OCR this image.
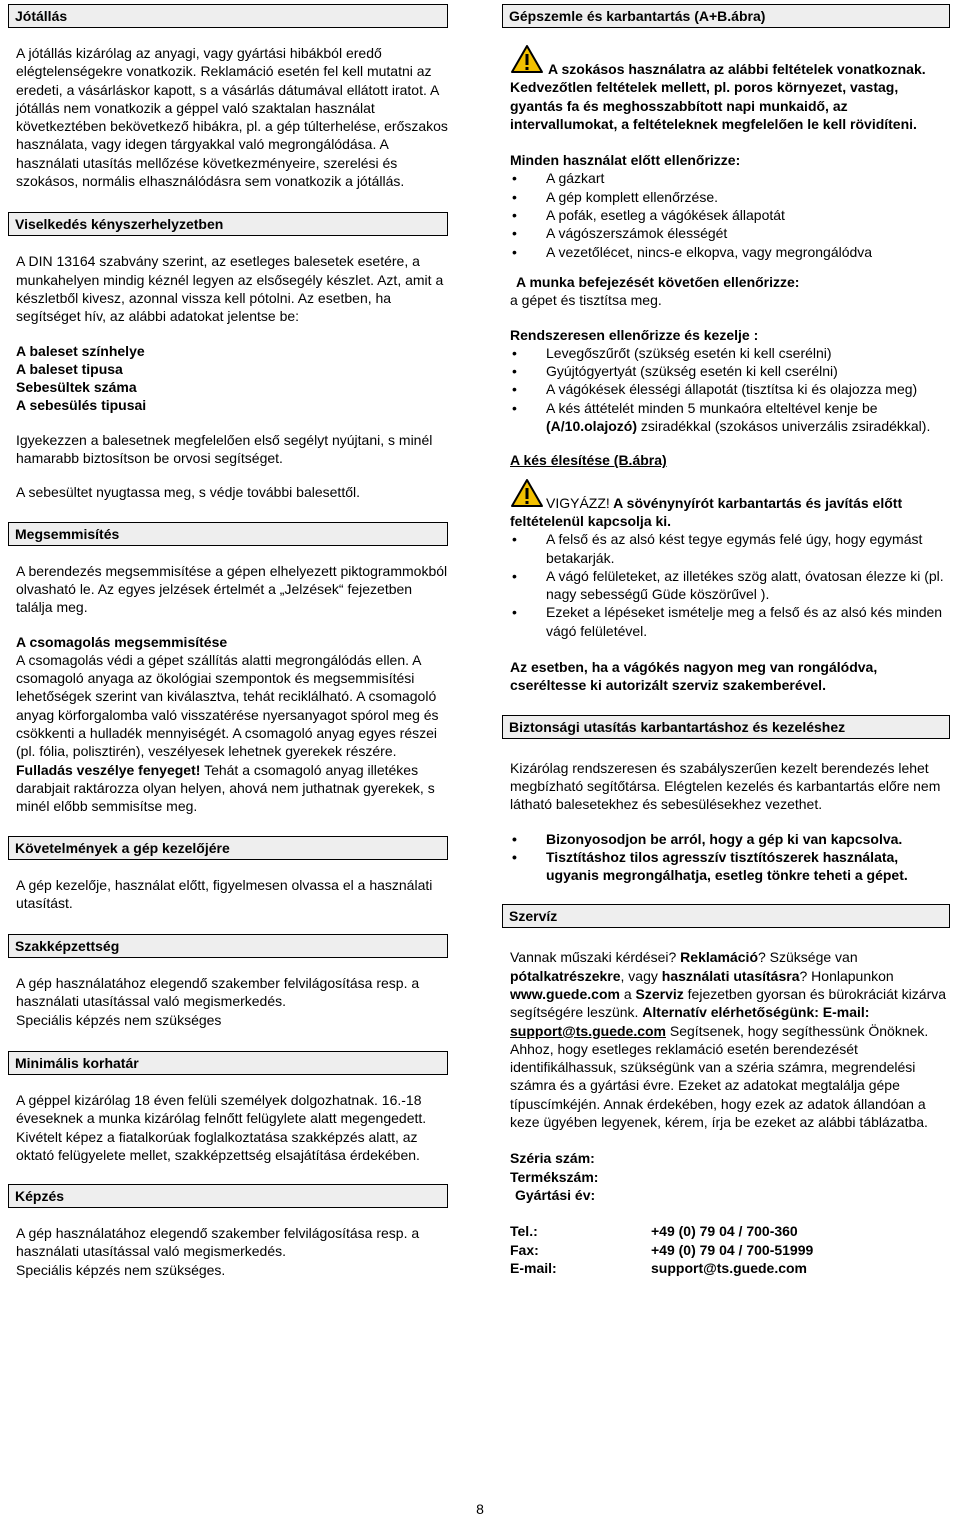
Jótállás

A jótállás kizárólag az anyagi, vagy gyártási hibákból eredő elégtelenségekre vonatkozik. Reklamáció esetén fel kell mutatni az eredeti, a vásárláskor kapott, s a vásárlás dátumával ellátott iratot. A jótállás nem vonatkozik a géppel való szaktalan használat következtében bekövetkező hibákra, pl. a gép túlterhelése, erőszakos használata, vagy idegen tárgyakkal való megrongálódása. A használati utasítás mellőzése következményeire, szerelési és szokásos, normális elhasználódásra sem vonatkozik a jótállás.

Viselkedés kényszerhelyzetben

A DIN 13164 szabvány szerint, az esetleges balesetek esetére, a munkahelyen mindig kéznél legyen az elsősegély készlet. Azt, amit a készletből kivesz, azonnal vissza kell pótolni. Az esetben, ha segítséget hív, az alábbi adatokat jelentse be:

A baleset színhelye
A baleset tipusa
Sebesültek száma
A sebesülés tipusai

Igyekezzen a balesetnek megfelelően első segélyt nyújtani, s minél hamarabb biztosítson be orvosi segítséget.

A sebesültet nyugtassa meg, s védje további balesettől.

Megsemmisítés

A berendezés megsemmisítése a gépen elhelyezett piktogrammokból olvasható le. Az egyes jelzések értelmét a „Jelzések“ fejezetben találja meg.

A csomagolás megsemmisítése

A csomagolás védi a gépet szállítás alatti megrongálódás ellen. A csomagoló anyaga az ökológiai szempontok és megsemmisítési lehetőségek szerint van kiválasztva, tehát reciklálható. A csomagoló anyag körforgalomba való visszatérése nyersanyagot spórol meg és csökkenti a hulladék mennyiségét. A csomagoló anyag egyes részei (pl. fólia, polisztirén), veszélyesek lehetnek gyerekek részére. Fulladás veszélye fenyeget! Tehát a csomagoló anyag illetékes darabjait raktározza olyan helyen, ahová nem juthatnak gyerekek, s minél előbb semmisítse meg.

Követelmények a gép kezelőjére

A gép kezelője, használat előtt, figyelmesen olvassa el a használati utasítást.

Szakképzettség

A gép használatához elegendő szakember felvilágosítása resp. a használati utasítással való megismerkedés.

Speciális képzés nem szükséges

Minimális korhatár

A géppel kizárólag 18 éven felüli személyek dolgozhatnak. 16.-18 éveseknek a munka kizárólag felnőtt felügylete alatt megengedett.

Kivételt képez a fiatalkorúak foglalkoztatása szakképzés alatt, az oktató felügyelete mellet, szakképzettség elsajátítása érdekében.

Képzés

A gép használatához elegendő szakember felvilágosítása resp. a használati utasítással való megismerkedés.

Speciális képzés nem szükséges.

Gépszemle és karbantartás (A+B.ábra)
A szokásos használatra az alábbi feltételek vonatkoznak. Kedvezőtlen feltételek mellett, pl. poros környezet, vastag, gyantás fa és meghosszabbított napi munkaidő, az intervallumokat, a feltételeknek megfelelően le kell rövidíteni.
Minden használat előtt ellenőrizze:
• A gázkart
• A gép komplett ellenőrzése.
• A pofák, esetleg a vágókések állapotát
• A vágószerszámok élességét
• A vezetőlécet, nincs-e elkopva, vagy megrongálódva
A munka befejezését követően ellenőrizze:

a gépet és tisztítsa meg.

Rendszeresen ellenőrizze és kezelje :
• Levegőszűrőt (szükség esetén ki kell cserélni)
• Gyújtógyertyát (szükség esetén ki kell cserélni)
• A vágókések élességi állapotát (tisztítsa ki és olajozza meg)
• A kés áttételét minden 5 munkaóra elteltével kenje be (A/10.olajozó) zsiradékkal (szokásos univerzális zsiradékkal).
A kés élesítése (B.ábra)
VIGYÁZZ! A sövénynyírót karbantartás és javítás előtt feltételenül kapcsolja ki.
• A felső és az alsó kést tegye egymás felé úgy, hogy egymást betakarják.
• A vágó felületeket, az illetékes szög alatt, óvatosan élezze ki (pl. nagy sebességű Güde köszörűvel ).
• Ezeket a lépéseket ismételje meg a felső és az alsó kés minden vágó felületével.

Az esetben, ha a vágókés nagyon meg van rongálódva, cseréltesse ki autorizált szerviz szakemberével.

Biztonsági utasítás karbantartáshoz és kezeléshez

Kizárólag rendszeresen és szabályszerűen kezelt berendezés lehet megbízható segítőtársa. Elégtelen kezelés és karbantartás előre nem látható balesetekhez és sebesülésekhez vezethet.

• Bizonyosodjon be arról, hogy a gép ki van kapcsolva.
• Tisztításhoz tilos agresszív tisztítószerek használata, ugyanis megrongálhatja, esetleg tönkre teheti a gépet.
Szervíz

Vannak műszaki kérdései? Reklamáció? Szüksége van pótalkatrészekre, vagy használati utasításra? Honlapunkon www.guede.com a Szerviz fejezetben gyorsan és bürokráciát kizárva segítségére leszünk. Alternatív elérhetőségünk: E-mail: support@ts.guede.com Segítsenek, hogy segíthessünk Önöknek. Ahhoz, hogy esetleges reklamáció esetén berendezését identifikálhassuk, szükségünk van a széria számra, megrendelési számra és a gyártási évre. Ezeket az adatokat megtalálja gépe típuscímkéjén. Annak érdekében, hogy ezek az adatok állandóan a keze ügyében legyenek, kérem, írja be ezeket az alábbi táblázatba.

Széria szám:
Termékszám:
Gyártási év:
Tel.:	+49 (0) 79 04 / 700-360
Fax:	+49 (0) 79 04 / 700-51999
E-mail:	support@ts.guede.com
8
